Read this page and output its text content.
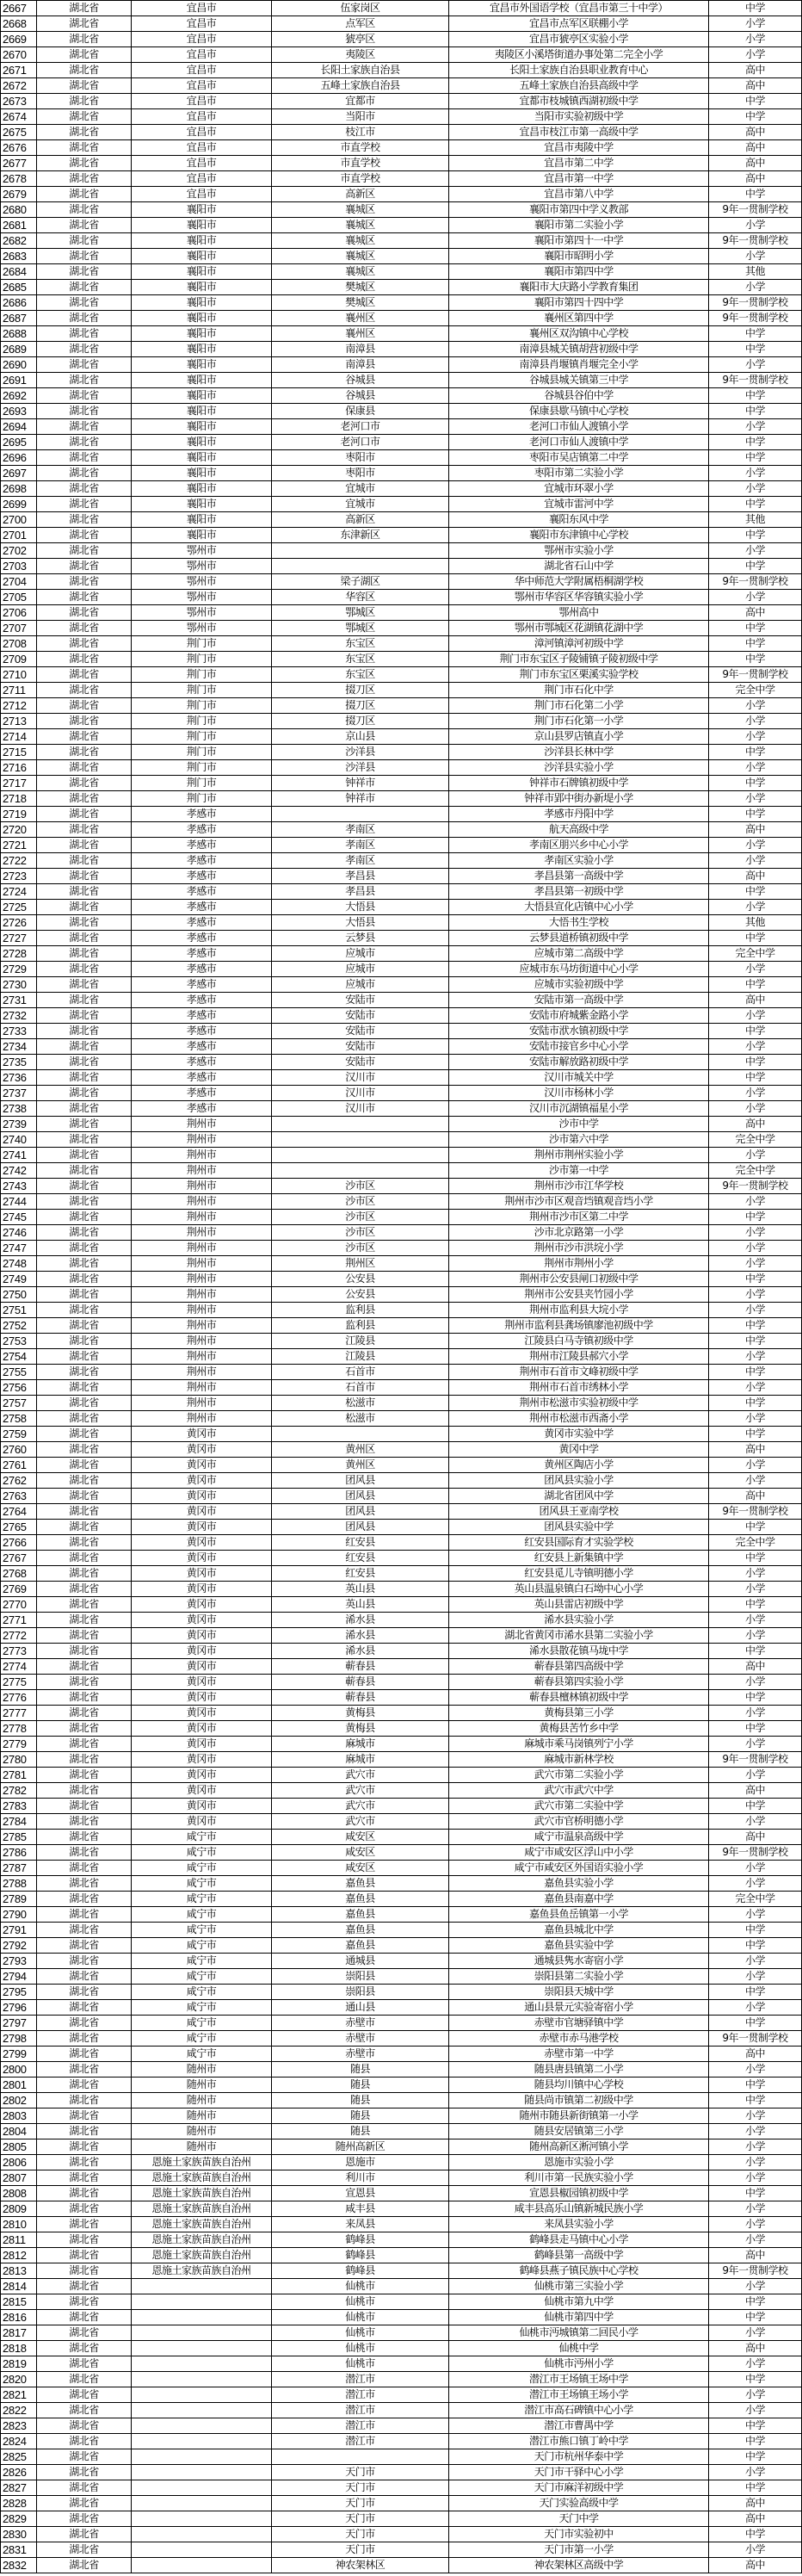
2667	湖北省	宜昌市	伍家岗区	宜昌市外国语学校（宜昌市第三十中学）	中学
2668	湖北省	宜昌市	点军区	宜昌市点军区联棚小学	小学
2669	湖北省	宜昌市	猇亭区	宜昌市猇亭区实验小学	小学
2670	湖北省	宜昌市	夷陵区	夷陵区小溪塔街道办事处第二完全小学	小学
2671	湖北省	宜昌市	长阳土家族自治县	长阳土家族自治县职业教育中心	高中
2672	湖北省	宜昌市	五峰土家族自治县	五峰土家族自治县高级中学	高中
2673	湖北省	宜昌市	宜都市	宜都市枝城镇西湖初级中学	中学
2674	湖北省	宜昌市	当阳市	当阳市实验初级中学	中学
2675	湖北省	宜昌市	枝江市	宜昌市枝江市第一高级中学	高中
2676	湖北省	宜昌市	市直学校	宜昌市夷陵中学	高中
2677	湖北省	宜昌市	市直学校	宜昌市第二中学	高中
2678	湖北省	宜昌市	市直学校	宜昌市第一中学	高中
2679	湖北省	宜昌市	高新区	宜昌市第八中学	中学
2680	湖北省	襄阳市	襄城区	襄阳市第四中学义教部	9年一贯制学校
2681	湖北省	襄阳市	襄城区	襄阳市第二实验小学	小学
2682	湖北省	襄阳市	襄城区	襄阳市第四十一中学	9年一贯制学校
2683	湖北省	襄阳市	襄城区	襄阳市昭明小学	小学
2684	湖北省	襄阳市	襄城区	襄阳市第四中学	其他
2685	湖北省	襄阳市	樊城区	襄阳市大庆路小学教育集团	小学
2686	湖北省	襄阳市	樊城区	襄阳市第四十四中学	9年一贯制学校
2687	湖北省	襄阳市	襄州区	襄州区第四中学	9年一贯制学校
2688	湖北省	襄阳市	襄州区	襄州区双沟镇中心学校	中学
2689	湖北省	襄阳市	南漳县	南漳县城关镇胡营初级中学	中学
2690	湖北省	襄阳市	南漳县	南漳县肖堰镇肖堰完全小学	小学
2691	湖北省	襄阳市	谷城县	谷城县城关镇第三中学	9年一贯制学校
2692	湖北省	襄阳市	谷城县	谷城县谷伯中学	中学
2693	湖北省	襄阳市	保康县	保康县歇马镇中心学校	中学
2694	湖北省	襄阳市	老河口市	老河口市仙人渡镇小学	小学
2695	湖北省	襄阳市	老河口市	老河口市仙人渡镇中学	中学
2696	湖北省	襄阳市	枣阳市	枣阳市吴店镇第二中学	中学
2697	湖北省	襄阳市	枣阳市	枣阳市第二实验小学	小学
2698	湖北省	襄阳市	宜城市	宜城市环翠小学	小学
2699	湖北省	襄阳市	宜城市	宜城市雷河中学	中学
2700	湖北省	襄阳市	高新区	襄阳东风中学	其他
2701	湖北省	襄阳市	东津新区	襄阳市东津镇中心学校	中学
2702	湖北省	鄂州市		鄂州市实验小学	小学
2703	湖北省	鄂州市		湖北省石山中学	中学
2704	湖北省	鄂州市	梁子湖区	华中师范大学附属梧桐湖学校	9年一贯制学校
2705	湖北省	鄂州市	华容区	鄂州市华容区华容镇实验小学	小学
2706	湖北省	鄂州市	鄂城区	鄂州高中	高中
2707	湖北省	鄂州市	鄂城区	鄂州市鄂城区花湖镇花湖中学	中学
2708	湖北省	荆门市	东宝区	漳河镇漳河初级中学	中学
2709	湖北省	荆门市	东宝区	荆门市东宝区子陵铺镇子陵初级中学	中学
2710	湖北省	荆门市	东宝区	荆门市东宝区栗溪实验学校	9年一贯制学校
2711	湖北省	荆门市	掇刀区	荆门市石化中学	完全中学
2712	湖北省	荆门市	掇刀区	荆门市石化第二小学	小学
2713	湖北省	荆门市	掇刀区	荆门市石化第一小学	小学
2714	湖北省	荆门市	京山县	京山县罗店镇直小学	小学
2715	湖北省	荆门市	沙洋县	沙洋县长林中学	中学
2716	湖北省	荆门市	沙洋县	沙洋县实验小学	小学
2717	湖北省	荆门市	钟祥市	钟祥市石牌镇初级中学	中学
2718	湖北省	荆门市	钟祥市	钟祥市郢中街办新堤小学	小学
2719	湖北省	孝感市		孝感市丹阳中学	中学
2720	湖北省	孝感市	孝南区	航天高级中学	高中
2721	湖北省	孝感市	孝南区	孝南区朋兴乡中心小学	小学
2722	湖北省	孝感市	孝南区	孝南区实验小学	小学
2723	湖北省	孝感市	孝昌县	孝昌县第一高级中学	高中
2724	湖北省	孝感市	孝昌县	孝昌县第一初级中学	中学
2725	湖北省	孝感市	大悟县	大悟县宣化店镇中心小学	小学
2726	湖北省	孝感市	大悟县	大悟书生学校	其他
2727	湖北省	孝感市	云梦县	云梦县道桥镇初级中学	中学
2728	湖北省	孝感市	应城市	应城市第二高级中学	完全中学
2729	湖北省	孝感市	应城市	应城市东马坊街道中心小学	小学
2730	湖北省	孝感市	应城市	应城市实验初级中学	中学
2731	湖北省	孝感市	安陆市	安陆市第一高级中学	高中
2732	湖北省	孝感市	安陆市	安陆市府城紫金路小学	小学
2733	湖北省	孝感市	安陆市	安陆市洑水镇初级中学	中学
2734	湖北省	孝感市	安陆市	安陆市接官乡中心小学	小学
2735	湖北省	孝感市	安陆市	安陆市解放路初级中学	中学
2736	湖北省	孝感市	汉川市	汉川市城关中学	中学
2737	湖北省	孝感市	汉川市	汉川市杨林小学	小学
2738	湖北省	孝感市	汉川市	汉川市沉湖镇福星小学	小学
2739	湖北省	荆州市		沙市中学	高中
2740	湖北省	荆州市		沙市第六中学	完全中学
2741	湖北省	荆州市		荆州市荆州实验小学	小学
2742	湖北省	荆州市		沙市第一中学	完全中学
2743	湖北省	荆州市	沙市区	荆州市沙市江华学校	9年一贯制学校
2744	湖北省	荆州市	沙市区	荆州市沙市区观音垱镇观音垱小学	小学
2745	湖北省	荆州市	沙市区	荆州市沙市区第二中学	中学
2746	湖北省	荆州市	沙市区	沙市北京路第一小学	小学
2747	湖北省	荆州市	沙市区	荆州市沙市洪垸小学	小学
2748	湖北省	荆州市	荆州区	荆州市荆州小学	小学
2749	湖北省	荆州市	公安县	荆州市公安县闸口初级中学	中学
2750	湖北省	荆州市	公安县	荆州市公安县夹竹园小学	小学
2751	湖北省	荆州市	监利县	荆州市监利县大垸小学	小学
2752	湖北省	荆州市	监利县	荆州市监利县龚场镇廖池初级中学	中学
2753	湖北省	荆州市	江陵县	江陵县白马寺镇初级中学	中学
2754	湖北省	荆州市	江陵县	荆州市江陵县郝穴小学	小学
2755	湖北省	荆州市	石首市	荆州市石首市文峰初级中学	中学
2756	湖北省	荆州市	石首市	荆州市石首市绣林小学	小学
2757	湖北省	荆州市	松滋市	荆州市松滋市实验初级中学	中学
2758	湖北省	荆州市	松滋市	荆州市松滋市西斋小学	小学
2759	湖北省	黄冈市		黄冈市实验中学	中学
2760	湖北省	黄冈市	黄州区	黄冈中学	高中
2761	湖北省	黄冈市	黄州区	黄州区陶店小学	小学
2762	湖北省	黄冈市	团风县	团风县实验小学	小学
2763	湖北省	黄冈市	团风县	湖北省团风中学	高中
2764	湖北省	黄冈市	团风县	团风县王亚南学校	9年一贯制学校
2765	湖北省	黄冈市	团风县	团风县实验中学	中学
2766	湖北省	黄冈市	红安县	红安县国际育才实验学校	完全中学
2767	湖北省	黄冈市	红安县	红安县上新集镇中学	中学
2768	湖北省	黄冈市	红安县	红安县觅儿寺镇明德小学	小学
2769	湖北省	黄冈市	英山县	英山县温泉镇白石坳中心小学	小学
2770	湖北省	黄冈市	英山县	英山县雷店初级中学	中学
2771	湖北省	黄冈市	浠水县	浠水县实验小学	小学
2772	湖北省	黄冈市	浠水县	湖北省黄冈市浠水县第二实验小学	小学
2773	湖北省	黄冈市	浠水县	浠水县散花镇马垅中学	中学
2774	湖北省	黄冈市	蕲春县	蕲春县第四高级中学	高中
2775	湖北省	黄冈市	蕲春县	蕲春县第四实验小学	小学
2776	湖北省	黄冈市	蕲春县	蕲春县檀林镇初级中学	中学
2777	湖北省	黄冈市	黄梅县	黄梅县第三小学	小学
2778	湖北省	黄冈市	黄梅县	黄梅县苦竹乡中学	中学
2779	湖北省	黄冈市	麻城市	麻城市乘马岗镇列宁小学	小学
2780	湖北省	黄冈市	麻城市	麻城市新林学校	9年一贯制学校
2781	湖北省	黄冈市	武穴市	武穴市第二实验小学	小学
2782	湖北省	黄冈市	武穴市	武穴市武穴中学	高中
2783	湖北省	黄冈市	武穴市	武穴市第二实验中学	中学
2784	湖北省	黄冈市	武穴市	武穴市官桥明德小学	小学
2785	湖北省	咸宁市	咸安区	咸宁市温泉高级中学	高中
2786	湖北省	咸宁市	咸安区	咸宁市咸安区浮山中小学	9年一贯制学校
2787	湖北省	咸宁市	咸安区	咸宁市咸安区外国语实验小学	小学
2788	湖北省	咸宁市	嘉鱼县	嘉鱼县实验小学	小学
2789	湖北省	咸宁市	嘉鱼县	嘉鱼县南嘉中学	完全中学
2790	湖北省	咸宁市	嘉鱼县	嘉鱼县鱼岳镇第一小学	小学
2791	湖北省	咸宁市	嘉鱼县	嘉鱼县城北中学	中学
2792	湖北省	咸宁市	嘉鱼县	嘉鱼县实验中学	中学
2793	湖北省	咸宁市	通城县	通城县隽水寄宿小学	小学
2794	湖北省	咸宁市	崇阳县	崇阳县第二实验小学	小学
2795	湖北省	咸宁市	崇阳县	崇阳县天城中学	中学
2796	湖北省	咸宁市	通山县	通山县景元实验寄宿小学	小学
2797	湖北省	咸宁市	赤壁市	赤壁市官塘驿镇中学	中学
2798	湖北省	咸宁市	赤壁市	赤壁市赤马港学校	9年一贯制学校
2799	湖北省	咸宁市	赤壁市	赤壁市第一中学	高中
2800	湖北省	随州市	随县	随县唐县镇第二小学	小学
2801	湖北省	随州市	随县	随县均川镇中心学校	中学
2802	湖北省	随州市	随县	随县尚市镇第二初级中学	中学
2803	湖北省	随州市	随县	随州市随县新街镇第一小学	小学
2804	湖北省	随州市	随县	随县安居镇第三小学	小学
2805	湖北省	随州市	随州高新区	随州高新区淅河镇小学	小学
2806	湖北省	恩施土家族苗族自治州	恩施市	恩施市实验小学	小学
2807	湖北省	恩施土家族苗族自治州	利川市	利川市第一民族实验小学	小学
2808	湖北省	恩施土家族苗族自治州	宣恩县	宣恩县椒园镇初级中学	中学
2809	湖北省	恩施土家族苗族自治州	咸丰县	咸丰县高乐山镇新城民族小学	小学
2810	湖北省	恩施土家族苗族自治州	来凤县	来凤县实验小学	小学
2811	湖北省	恩施土家族苗族自治州	鹤峰县	鹤峰县走马镇中心小学	小学
2812	湖北省	恩施土家族苗族自治州	鹤峰县	鹤峰县第一高级中学	高中
2813	湖北省	恩施土家族苗族自治州	鹤峰县	鹤峰县燕子镇民族中心学校	9年一贯制学校
2814	湖北省		仙桃市	仙桃市第三实验小学	小学
2815	湖北省		仙桃市	仙桃市第九中学	中学
2816	湖北省		仙桃市	仙桃市第四中学	中学
2817	湖北省		仙桃市	仙桃市沔城镇第二回民小学	小学
2818	湖北省		仙桃市	仙桃中学	高中
2819	湖北省		仙桃市	仙桃市沔州小学	小学
2820	湖北省		潜江市	潜江市王场镇王场中学	中学
2821	湖北省		潜江市	潜江市王场镇王场小学	小学
2822	湖北省		潜江市	潜江市高石碑镇中心小学	小学
2823	湖北省		潜江市	潜江市曹禺中学	中学
2824	湖北省		潜江市	潜江市熊口镇丁岭中学	中学
2825	湖北省			天门市杭州华泰中学	中学
2826	湖北省		天门市	天门市干驿中心小学	小学
2827	湖北省		天门市	天门市麻洋初级中学	中学
2828	湖北省		天门市	天门实验高级中学	高中
2829	湖北省		天门市	天门中学	高中
2830	湖北省		天门市	天门市实验初中	中学
2831	湖北省		天门市	天门市第一小学	小学
2832	湖北省		神农架林区	神农架林区高级中学	高中
